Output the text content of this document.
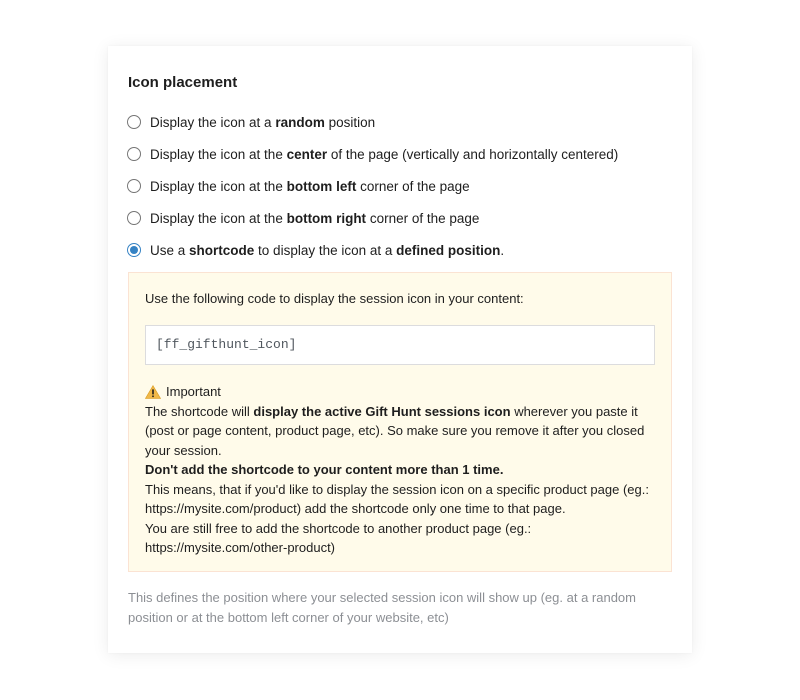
Icon placement
Display the icon at a random position
Display the icon at the center of the page (vertically and horizontally centered)
Display the icon at the bottom left corner of the page
Display the icon at the bottom right corner of the page
Use a shortcode to display the icon at a defined position.
Use the following code to display the session icon in your content:
[ff_gifthunt_icon]
Important

The shortcode will display the active Gift Hunt sessions icon wherever you paste it (post or page content, product page, etc). So make sure you remove it after you closed your session.

Don't add the shortcode to your content more than 1 time.

This means, that if you'd like to display the session icon on a specific product page (eg.: https://mysite.com/product) add the shortcode only one time to that page.

You are still free to add the shortcode to another product page (eg.: https://mysite.com/other-product)

This defines the position where your selected session icon will show up (eg. at a random position or at the bottom left corner of your website, etc)
